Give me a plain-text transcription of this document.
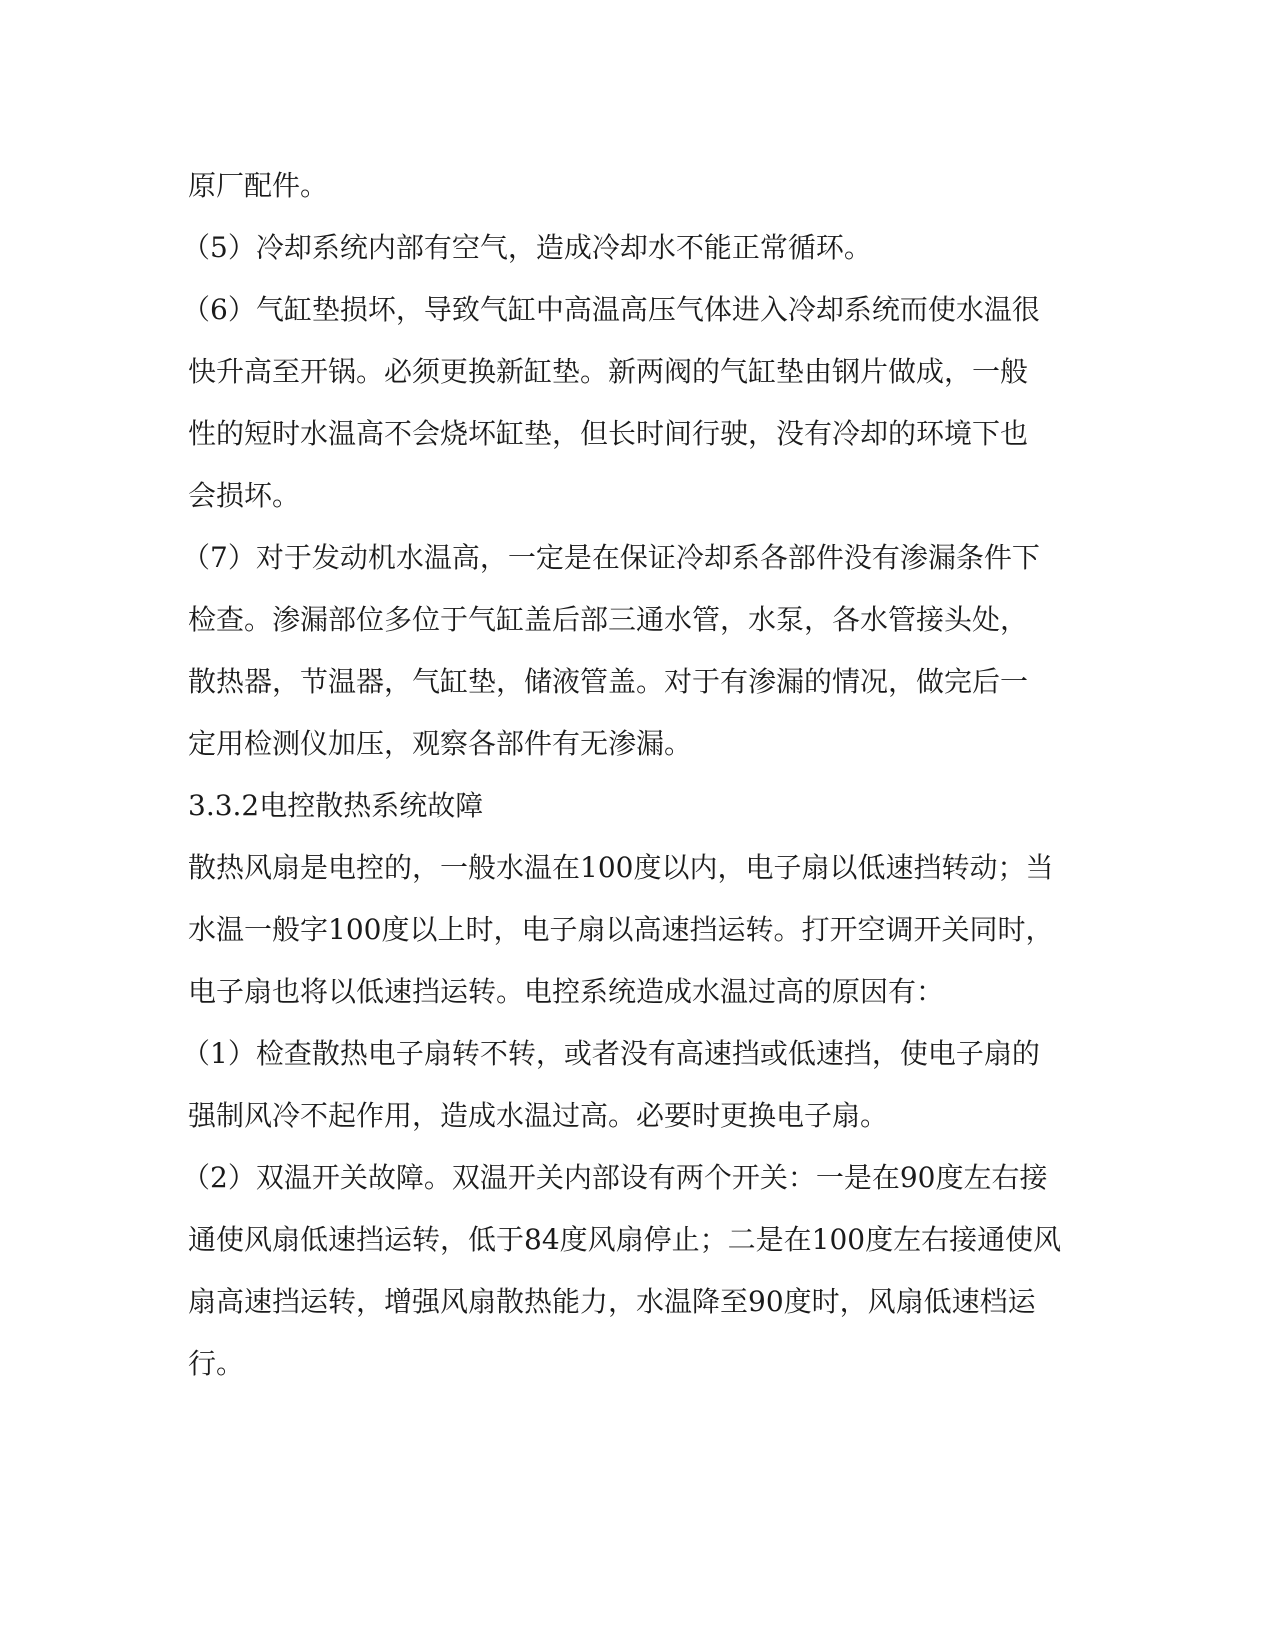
原厂配件。
（5）冷却系统内部有空气，造成冷却水不能正常循环。
（6）气缸垫损坏，导致气缸中高温高压气体进入冷却系统而使水温很
快升高至开锅。必须更换新缸垫。新两阀的气缸垫由钢片做成，一般
性的短时水温高不会烧坏缸垫，但长时间行驶，没有冷却的环境下也
会损坏。
（7）对于发动机水温高，一定是在保证冷却系各部件没有渗漏条件下
检查。渗漏部位多位于气缸盖后部三通水管，水泵，各水管接头处，
散热器，节温器，气缸垫，储液管盖。对于有渗漏的情况，做完后一
定用检测仪加压，观察各部件有无渗漏。
3.3.2电控散热系统故障
散热风扇是电控的，一般水温在100度以内，电子扇以低速挡转动；当
水温一般字100度以上时，电子扇以高速挡运转。打开空调开关同时，
电子扇也将以低速挡运转。电控系统造成水温过高的原因有：
（1）检查散热电子扇转不转，或者没有高速挡或低速挡，使电子扇的
强制风冷不起作用，造成水温过高。必要时更换电子扇。
（2）双温开关故障。双温开关内部设有两个开关：一是在90度左右接
通使风扇低速挡运转，低于84度风扇停止；二是在100度左右接通使风
扇高速挡运转，增强风扇散热能力，水温降至90度时，风扇低速档运
行。
